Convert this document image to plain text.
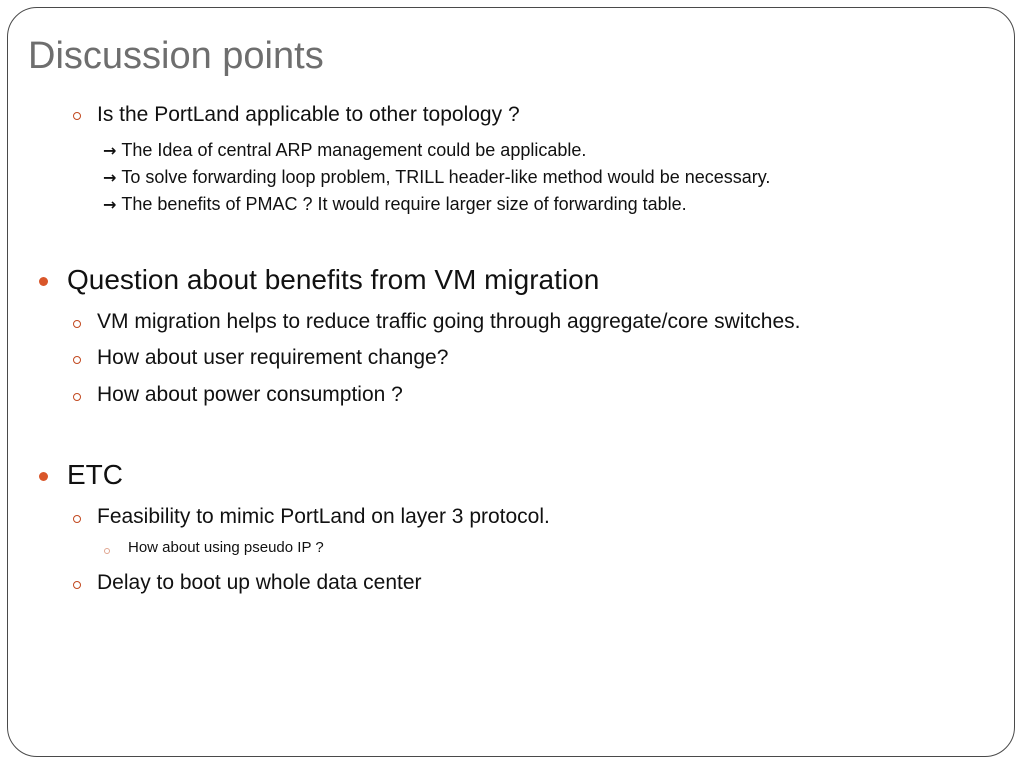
Discussion points
Is the PortLand applicable to other topology ?
→ The Idea of central ARP management could be applicable.
→ To solve forwarding loop problem, TRILL header-like method would be necessary.
→ The benefits of PMAC ? It would require larger size of forwarding table.
Question about benefits from VM migration
VM migration helps to reduce traffic going through aggregate/core switches.
How about user requirement change?
How about power consumption ?
ETC
Feasibility to mimic PortLand on layer 3 protocol.
How about using pseudo IP ?
Delay to boot up whole data center
